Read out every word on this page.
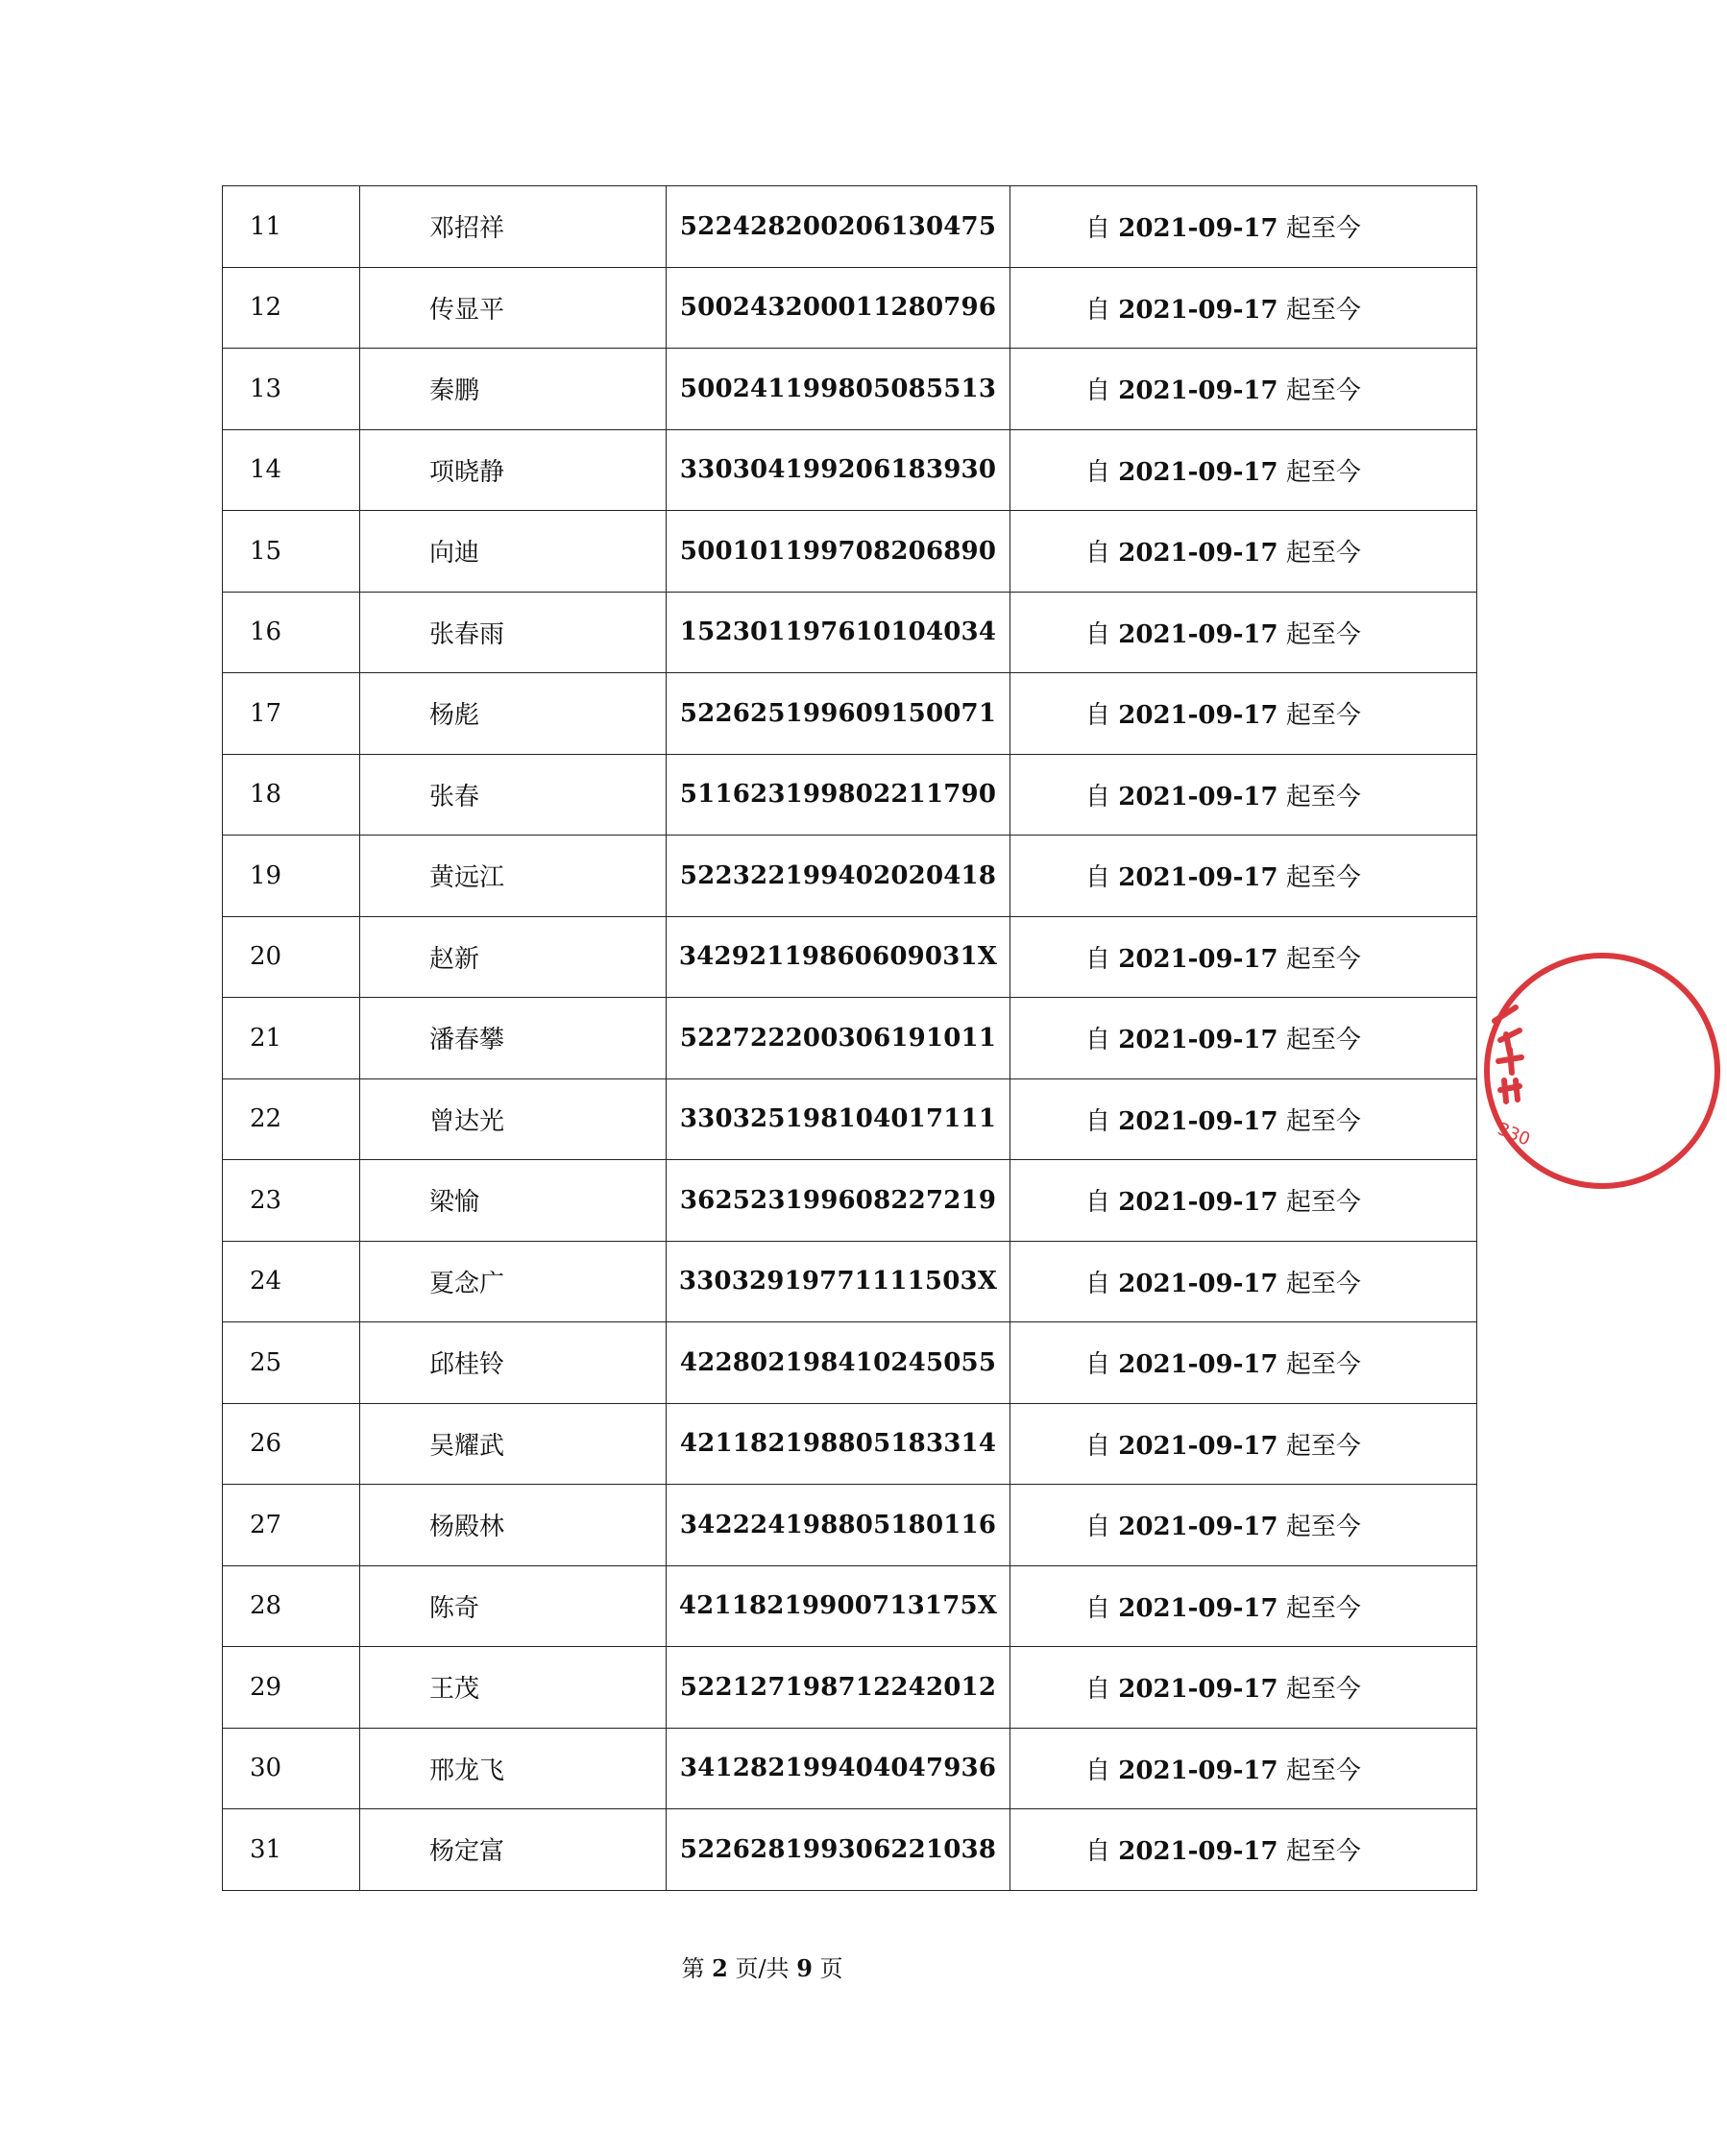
11	邓招祥	522428200206130475	自 2021-09-17 起至今
12	传显平	500243200011280796	自 2021-09-17 起至今
13	秦鹏	500241199805085513	自 2021-09-17 起至今
14	项晓静	330304199206183930	自 2021-09-17 起至今
15	向迪	500101199708206890	自 2021-09-17 起至今
16	张春雨	152301197610104034	自 2021-09-17 起至今
17	杨彪	522625199609150071	自 2021-09-17 起至今
18	张春	511623199802211790	自 2021-09-17 起至今
19	黄远江	522322199402020418	自 2021-09-17 起至今
20	赵新	34292119860609031X	自 2021-09-17 起至今
21	潘春攀	522722200306191011	自 2021-09-17 起至今
22	曾达光	330325198104017111	自 2021-09-17 起至今
23	梁愉	362523199608227219	自 2021-09-17 起至今
24	夏念广	33032919771111503X	自 2021-09-17 起至今
25	邱桂铃	422802198410245055	自 2021-09-17 起至今
26	吴耀武	421182198805183314	自 2021-09-17 起至今
27	杨殿林	342224198805180116	自 2021-09-17 起至今
28	陈奇	42118219900713175X	自 2021-09-17 起至今
29	王茂	522127198712242012	自 2021-09-17 起至今
30	邢龙飞	341282199404047936	自 2021-09-17 起至今
31	杨定富	522628199306221038	自 2021-09-17 起至今
第 2 页/共 9 页
330
